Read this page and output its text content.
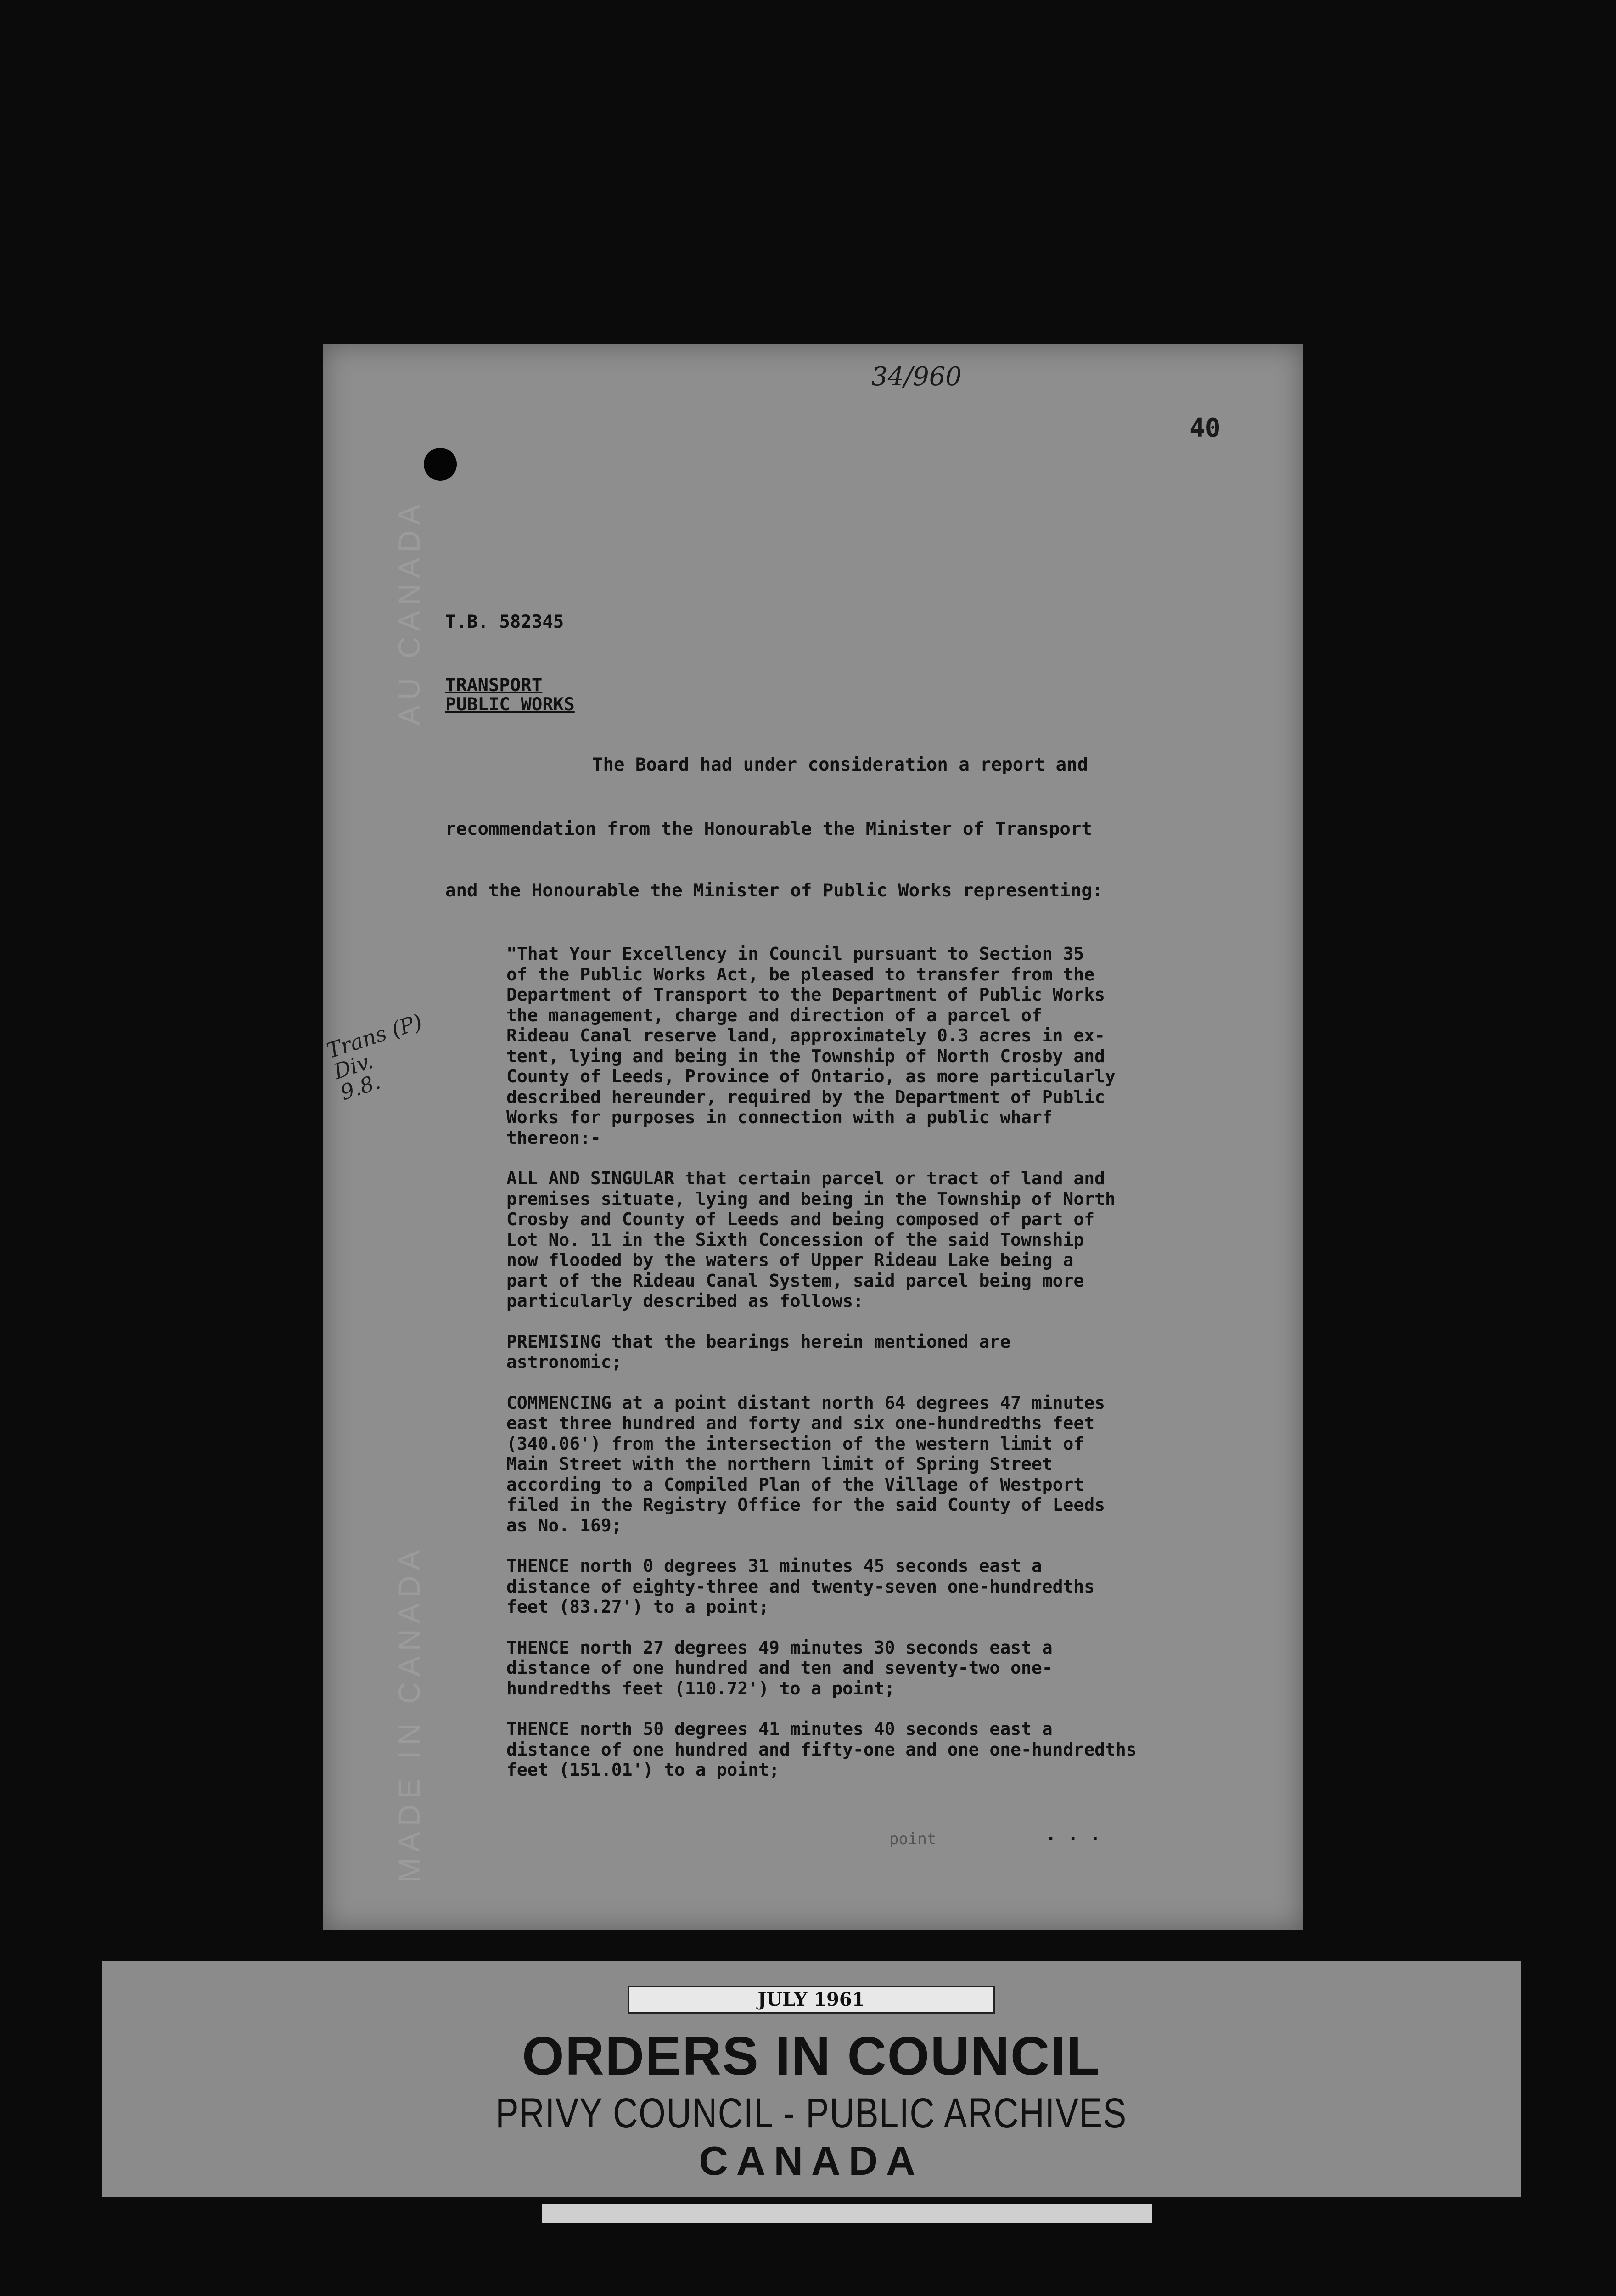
AU CANADA
MADE IN CANADA
34/960
40
T.B. 582345
TRANSPORT
PUBLIC WORKS
The Board had under consideration a report and
recommendation from the Honourable the Minister of Transport
and the Honourable the Minister of Public Works representing:
Trans (P)
Div.
9.8.

"That Your Excellency in Council pursuant to Section 35
of the Public Works Act, be pleased to transfer from the
Department of Transport to the Department of Public Works
the management, charge and direction of a parcel of
Rideau Canal reserve land, approximately 0.3 acres in ex-
tent, lying and being in the Township of North Crosby and
County of Leeds, Province of Ontario, as more particularly
described hereunder, required by the Department of Public
Works for purposes in connection with a public wharf
thereon:-

ALL AND SINGULAR that certain parcel or tract of land and
premises situate, lying and being in the Township of North
Crosby and County of Leeds and being composed of part of
Lot No. 11 in the Sixth Concession of the said Township
now flooded by the waters of Upper Rideau Lake being a
part of the Rideau Canal System, said parcel being more
particularly described as follows:

PREMISING that the bearings herein mentioned are
astronomic;

COMMENCING at a point distant north 64 degrees 47 minutes
east three hundred and forty and six one-hundredths feet
(340.06') from the intersection of the western limit of
Main Street with the northern limit of Spring Street
according to a Compiled Plan of the Village of Westport
filed in the Registry Office for the said County of Leeds
as No. 169;

THENCE north 0 degrees 31 minutes 45 seconds east a
distance of eighty-three and twenty-seven one-hundredths
feet (83.27') to a point;

THENCE north 27 degrees 49 minutes 30 seconds east a
distance of one hundred and ten and seventy-two one-
hundredths feet (110.72') to a point;

THENCE north 50 degrees 41 minutes 40 seconds east a
distance of one hundred and fifty-one and one one-hundredths
feet (151.01') to a point;

point	. . .
JULY 1961
ORDERS IN COUNCIL
PRIVY COUNCIL - PUBLIC ARCHIVES
CANADA
